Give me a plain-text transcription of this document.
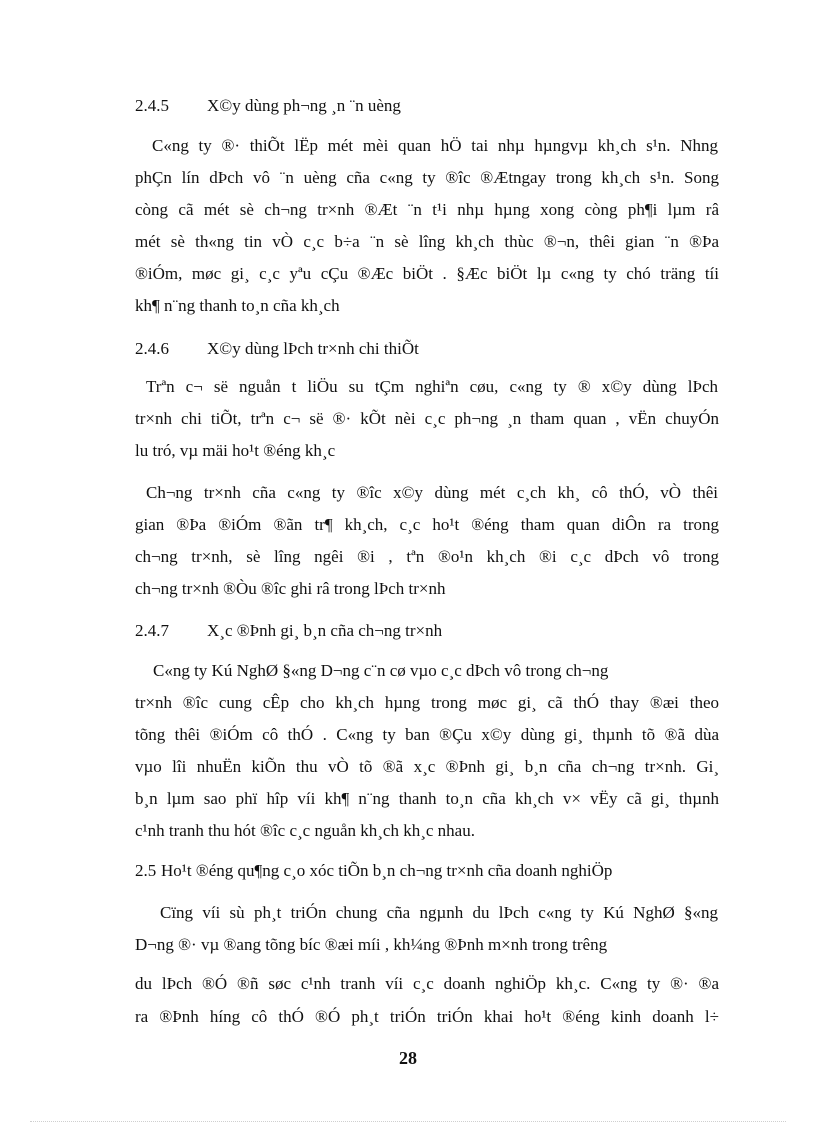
2.4.5 X©y dùng ph¬ng ¸n ¨n uèng
C«ng ty ®· thiÕt lËp mét mèi quan hÖ tai nhµ hµngvµ kh¸ch s¹n. Nhng
phÇn lín dÞch vô ¨n uèng cña c«ng ty ®îc ®Ætngay trong kh¸ch s¹n. Song
còng cã mét sè ch¬ng tr×nh ®Æt ¨n t¹i nhµ hµng xong còng ph¶i lµm râ
mét sè th«ng tin vÒ c¸c b÷a ¨n sè lîng kh¸ch thùc ®¬n, thêi gian ¨n ®Þa
®iÓm, møc gi¸ c¸c yªu cÇu ®Æc biÖt . §Æc biÖt lµ c«ng ty chó träng tíi
kh¶ n¨ng thanh to¸n cña kh¸ch
2.4.6 X©y dùng lÞch tr×nh chi thiÕt
Trªn c¬ së nguån t liÖu su tÇm nghiªn cøu, c«ng ty ® x©y dùng lÞch
tr×nh chi tiÕt, trªn c¬ së ®· kÕt nèi c¸c ph¬ng ¸n tham quan , vËn chuyÓn
lu tró, vµ mäi ho¹t ®éng kh¸c
Ch¬ng tr×nh cña c«ng ty ®îc x©y dùng mét c¸ch kh¸ cô thÓ, vÒ thêi
gian ®Þa ®iÓm ®ãn tr¶ kh¸ch, c¸c ho¹t ®éng tham quan diÔn ra trong
ch¬ng tr×nh, sè lîng ngêi ®i , tªn ®o¹n kh¸ch ®i c¸c dÞch vô trong
ch¬ng tr×nh ®Òu ®îc ghi râ trong lÞch tr×nh
2.4.7 X¸c ®Þnh gi¸ b¸n cña ch¬ng tr×nh
C«ng ty Kú NghØ §«ng D¬ng c¨n cø vµo c¸c dÞch vô trong ch¬ng
tr×nh ®îc cung cÊp cho kh¸ch hµng trong møc gi¸ cã thÓ thay ®æi theo
tõng thêi ®iÓm cô thÓ . C«ng ty ban ®Çu x©y dùng gi¸ thµnh tõ ®ã dùa
vµo lîi nhuËn kiÕn thu vÒ tõ ®ã x¸c ®Þnh gi¸ b¸n cña ch¬ng tr×nh. Gi¸
b¸n lµm sao phï hîp víi kh¶ n¨ng thanh to¸n cña kh¸ch v× vËy cã gi¸ thµnh
c¹nh tranh thu hót ®îc c¸c nguån kh¸ch kh¸c nhau.
2.5 Ho¹t ®éng qu¶ng c¸o xóc tiÕn b¸n ch¬ng tr×nh cña doanh nghiÖp
Cïng víi sù ph¸t triÓn chung cña ngµnh du lÞch c«ng ty Kú NghØ §«ng
D¬ng ®· vµ ®ang tõng bíc ®æi míi , kh¼ng ®Þnh m×nh trong trêng
du lÞch ®Ó ®ñ søc c¹nh tranh víi c¸c doanh nghiÖp kh¸c. C«ng ty ®· ®a
ra ®Þnh híng cô thÓ ®Ó ph¸t triÓn triÓn khai ho¹t ®éng kinh doanh l÷
28
